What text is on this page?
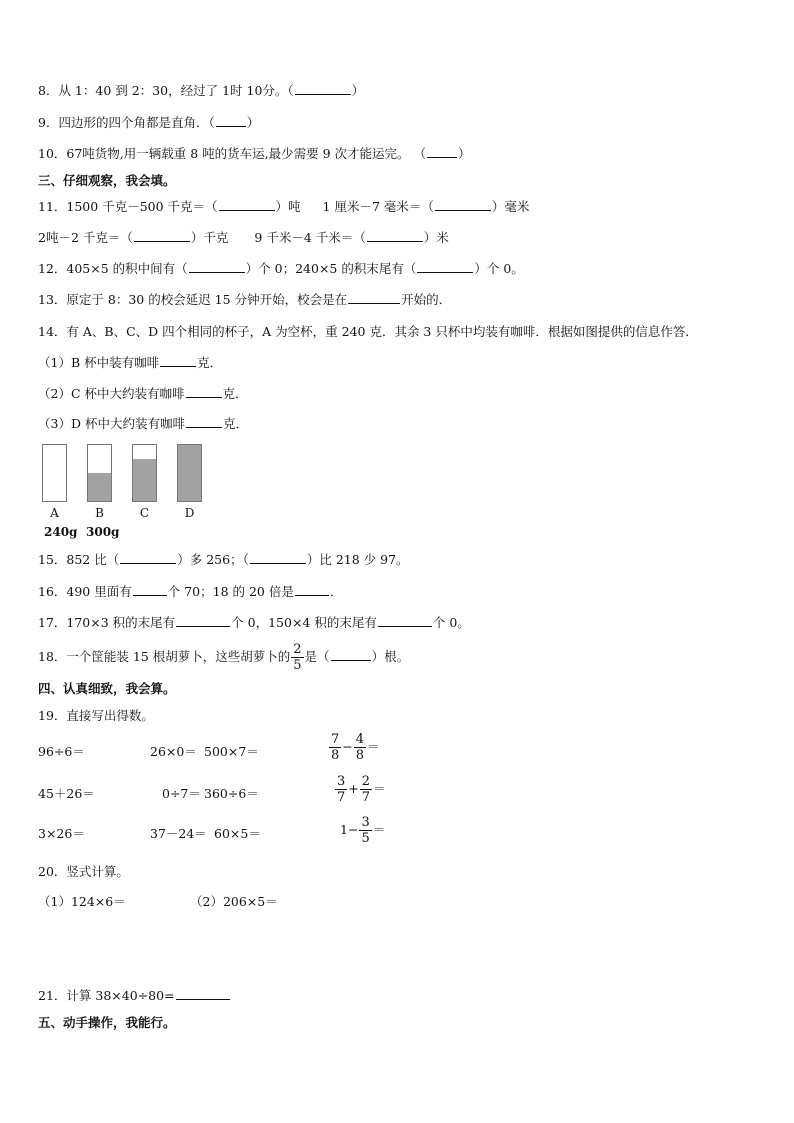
8．从 1：40 到 2：30，经过了 1时 10分。（	）
9．四边形的四个角都是直角．（	）
10．67吨货物,用一辆载重 8 吨的货车运,最少需要 9 次才能运完。 （	）
三、仔细观察，我会填。
11．1500 千克－500 千克＝（	）吨 1 厘米－7 毫米＝（	）毫米
2吨－2 千克＝（	）千克 9 千米－4 千米＝（	）米
12．405×5 的积中间有（	）个 0；240×5 的积末尾有（	）个 0。
13．原定于 8：30 的校会延迟 15 分钟开始，校会是在	开始的．
14．有 A、B、C、D 四个相同的杯子，A 为空杯，重 240 克．其余 3 只杯中均装有咖啡．根据如图提供的信息作答．
（1）B 杯中装有咖啡	克．
（2）C 杯中大约装有咖啡	克．
（3）D 杯中大约装有咖啡	克．
A	B	C	D
240g 300g
15．852 比（	）多 256；（	）比 218 少 97。
16．490 里面有	个 70；18 的 20 倍是	．
17．170×3 积的末尾有	个 0，150×4 积的末尾有	个 0。
18．一个筐能装 15 根胡萝卜，这些胡萝卜的 $\frac{2}{5}$ 是（	）根。
四、认真细致，我会算。
19．直接写出得数。
96÷6＝	26×0＝ 500×7＝	$\frac{7}{8} - \frac{4}{8}$ ＝
45＋26＝	0÷7＝ 360÷6＝	$\frac{3}{7} + \frac{2}{7}$ ＝
3×26＝	37－24＝ 60×5＝	$1- \frac{3}{5}$ ＝
20．竖式计算。
（1）124×6＝	（2）206×5＝
21．计算 38×40÷80=
五、动手操作，我能行。
